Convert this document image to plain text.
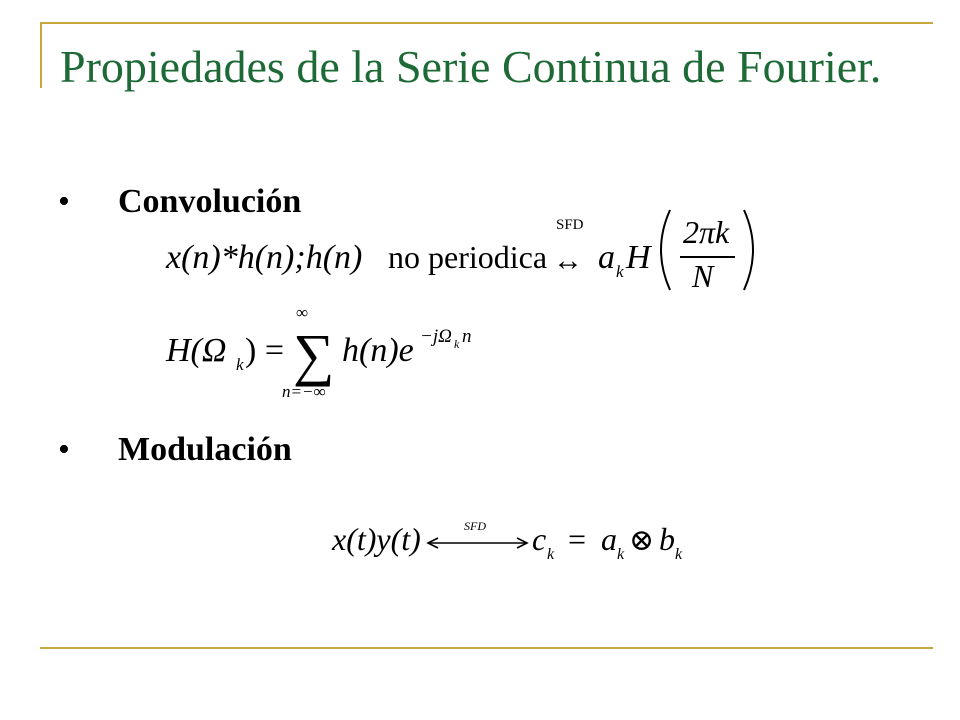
Propiedades de la Serie Continua de Fourier.
• Convolución
x(n)*h(n);h(n) no periodica
SFD
↔ a k H
2πk
N
H(Ω k ) =
∞
∑
n=−∞
h(n)e −jΩ k n
• Modulación
x(t)y(t)	SFD c k = a k ⊗ b k
